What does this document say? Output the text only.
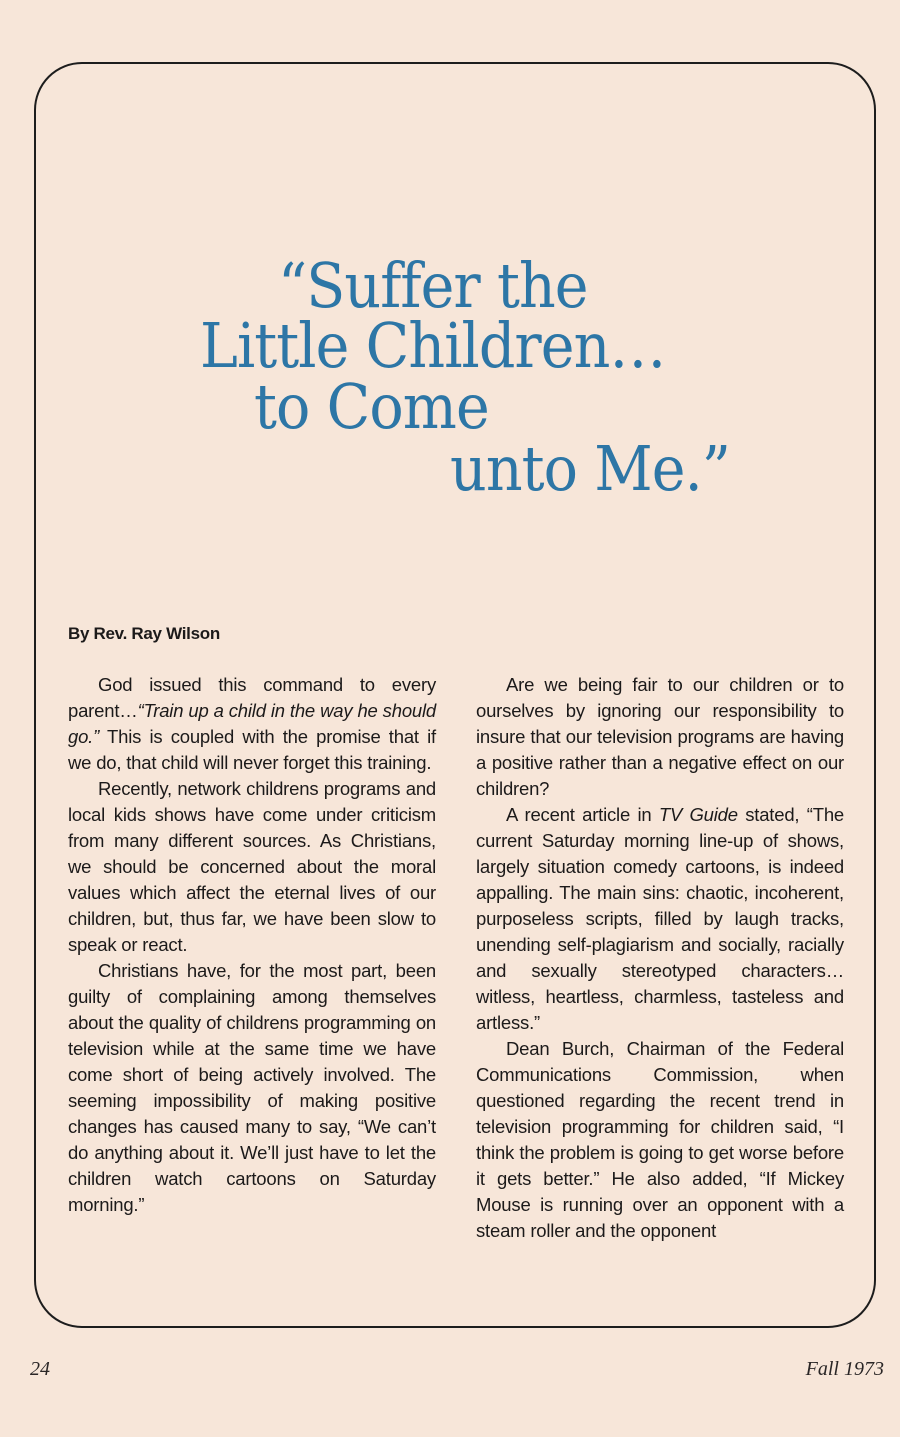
“Suffer the
Little Children…
to Come
unto Me.”
By Rev. Ray Wilson

God issued this command to every parent…“Train up a child in the way he should go.” This is coupled with the promise that if we do, that child will never forget this training.

Recently, network childrens programs and local kids shows have come under criticism from many different sources. As Christians, we should be concerned about the moral values which affect the eternal lives of our children, but, thus far, we have been slow to speak or react.

Christians have, for the most part, been guilty of complaining among themselves about the quality of childrens programming on television while at the same time we have come short of being actively involved. The seeming impossibility of making positive changes has caused many to say, “We can’t do anything about it. We’ll just have to let the children watch cartoons on Saturday morning.”

Are we being fair to our children or to ourselves by ignoring our responsibility to insure that our television programs are having a positive rather than a negative effect on our children?

A recent article in TV Guide stated, “The current Saturday morning line-up of shows, largely situation comedy cartoons, is indeed appalling. The main sins: chaotic, incoherent, purposeless scripts, filled by laugh tracks, unending self-plagiarism and socially, racially and sexually stereotyped characters… witless, heartless, charmless, tasteless and artless.”

Dean Burch, Chairman of the Federal Communications Commission, when questioned regarding the recent trend in television programming for children said, “I think the problem is going to get worse before it gets better.” He also added, “If Mickey Mouse is running over an opponent with a steam roller and the opponent

24	Fall 1973
